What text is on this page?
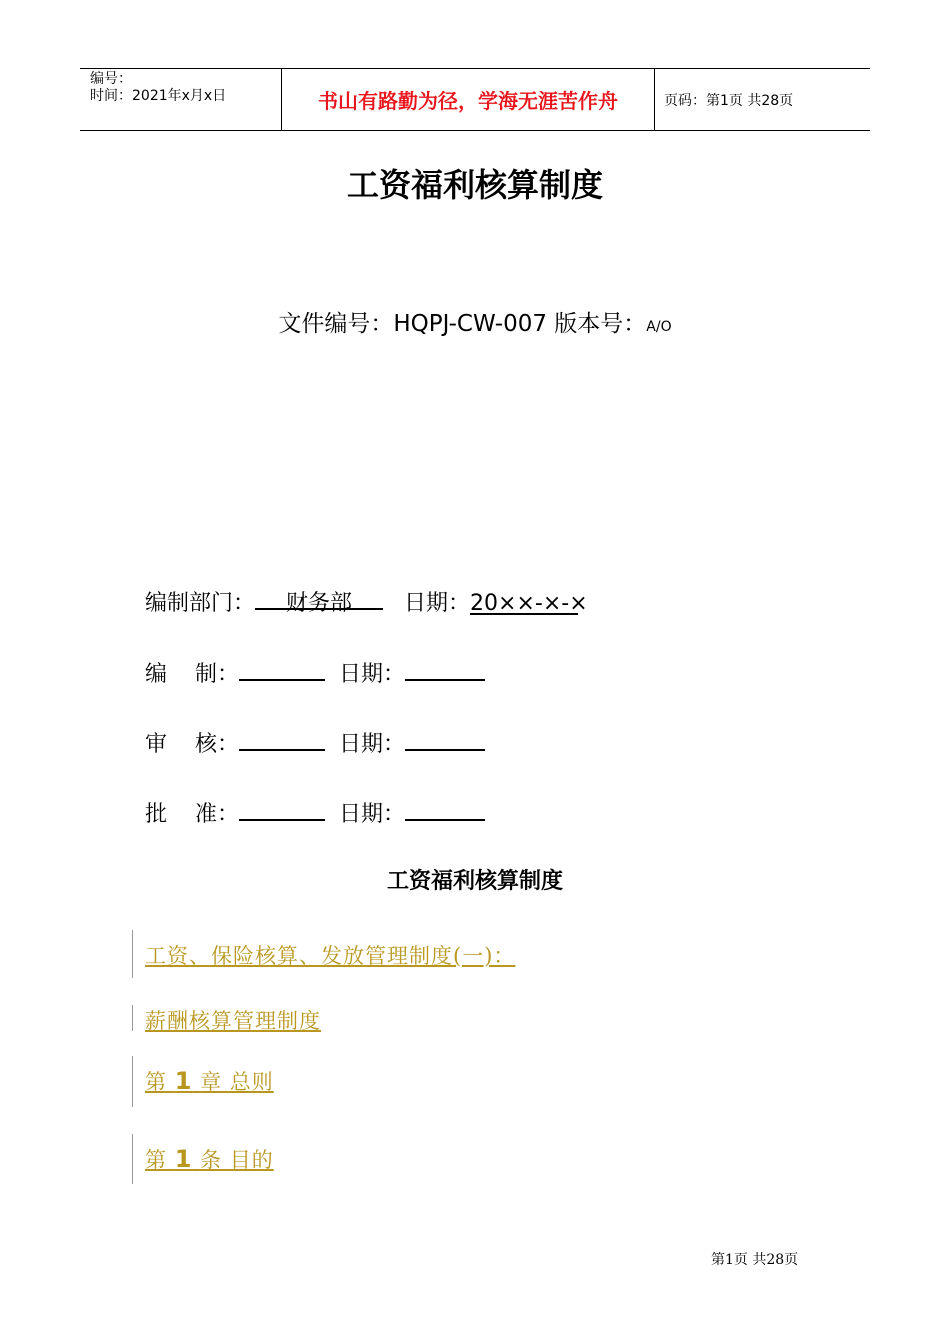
编号：
时间：2021年x月x日	书山有路勤为径，学海无涯苦作舟	页码：第1页 共28页
工资福利核算制度
文件编号：HQPJ-CW-007 版本号：A/O
编制部门： 财务部 日期：20××-×-×
编    制：	日期：
审    核：	日期：
批    准：	日期：
工资福利核算制度
工资、保险核算、发放管理制度(一)：
薪酬核算管理制度
第 1 章 总则
第 1 条 目的
第1页 共28页
